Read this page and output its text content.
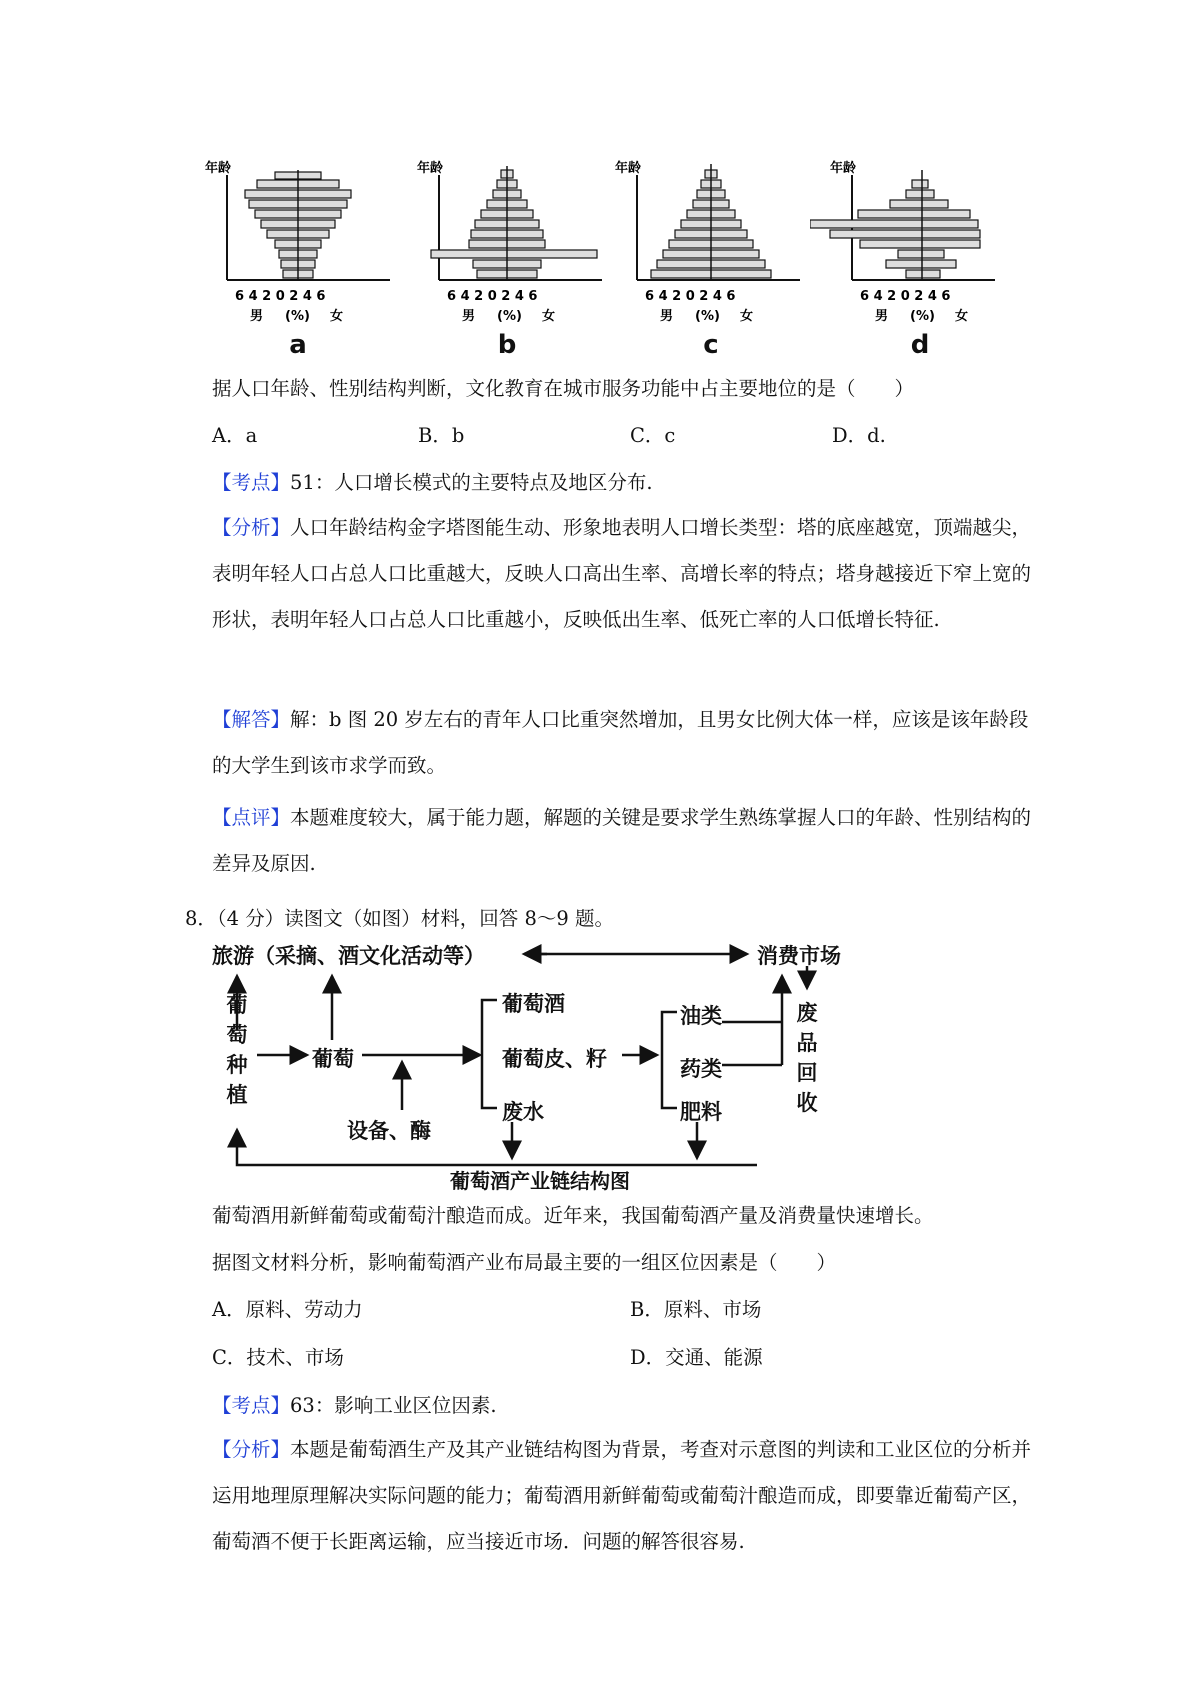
年龄
6 4 2 0 2 4 6
男 (%) 女
a
年龄
6 4 2 0 2 4 6
男 (%) 女
b
年龄
6 4 2 0 2 4 6
男 (%) 女
c
年龄
6 4 2 0 2 4 6
男 (%) 女
d
据人口年龄、性别结构判断，文化教育在城市服务功能中占主要地位的是（　　）
A．a	B．b	C．c	D．d.
【考点】51：人口增长模式的主要特点及地区分布.

【分析】人口年龄结构金字塔图能生动、形象地表明人口增长类型：塔的底座越宽，顶端越尖，表明年轻人口占总人口比重越大，反映人口高出生率、高增长率的特点；塔身越接近下窄上宽的形状，表明年轻人口占总人口比重越小，反映低出生率、低死亡率的人口低增长特征.

【解答】解：b 图 20 岁左右的青年人口比重突然增加，且男女比例大体一样，应该是该年龄段的大学生到该市求学而致。

【点评】本题难度较大，属于能力题，解题的关键是要求学生熟练掌握人口的年龄、性别结构的差异及原因.

8．（4 分）读图文（如图）材料，回答 8～9 题。
旅游（采摘、酒文化活动等）	消费市场
葡萄种植
葡萄
设备、酶
葡萄酒
葡萄皮、籽
废水
油类
药类
肥料
废品回收
葡萄酒产业链结构图
葡萄酒用新鲜葡萄或葡萄汁酿造而成。近年来，我国葡萄酒产量及消费量快速增长。
据图文材料分析，影响葡萄酒产业布局最主要的一组区位因素是（　　）
A．原料、劳动力	B．原料、市场
C．技术、市场	D．交通、能源
【考点】63：影响工业区位因素.

【分析】本题是葡萄酒生产及其产业链结构图为背景，考查对示意图的判读和工业区位的分析并运用地理原理解决实际问题的能力；葡萄酒用新鲜葡萄或葡萄汁酿造而成，即要靠近葡萄产区，葡萄酒不便于长距离运输，应当接近市场．问题的解答很容易.
